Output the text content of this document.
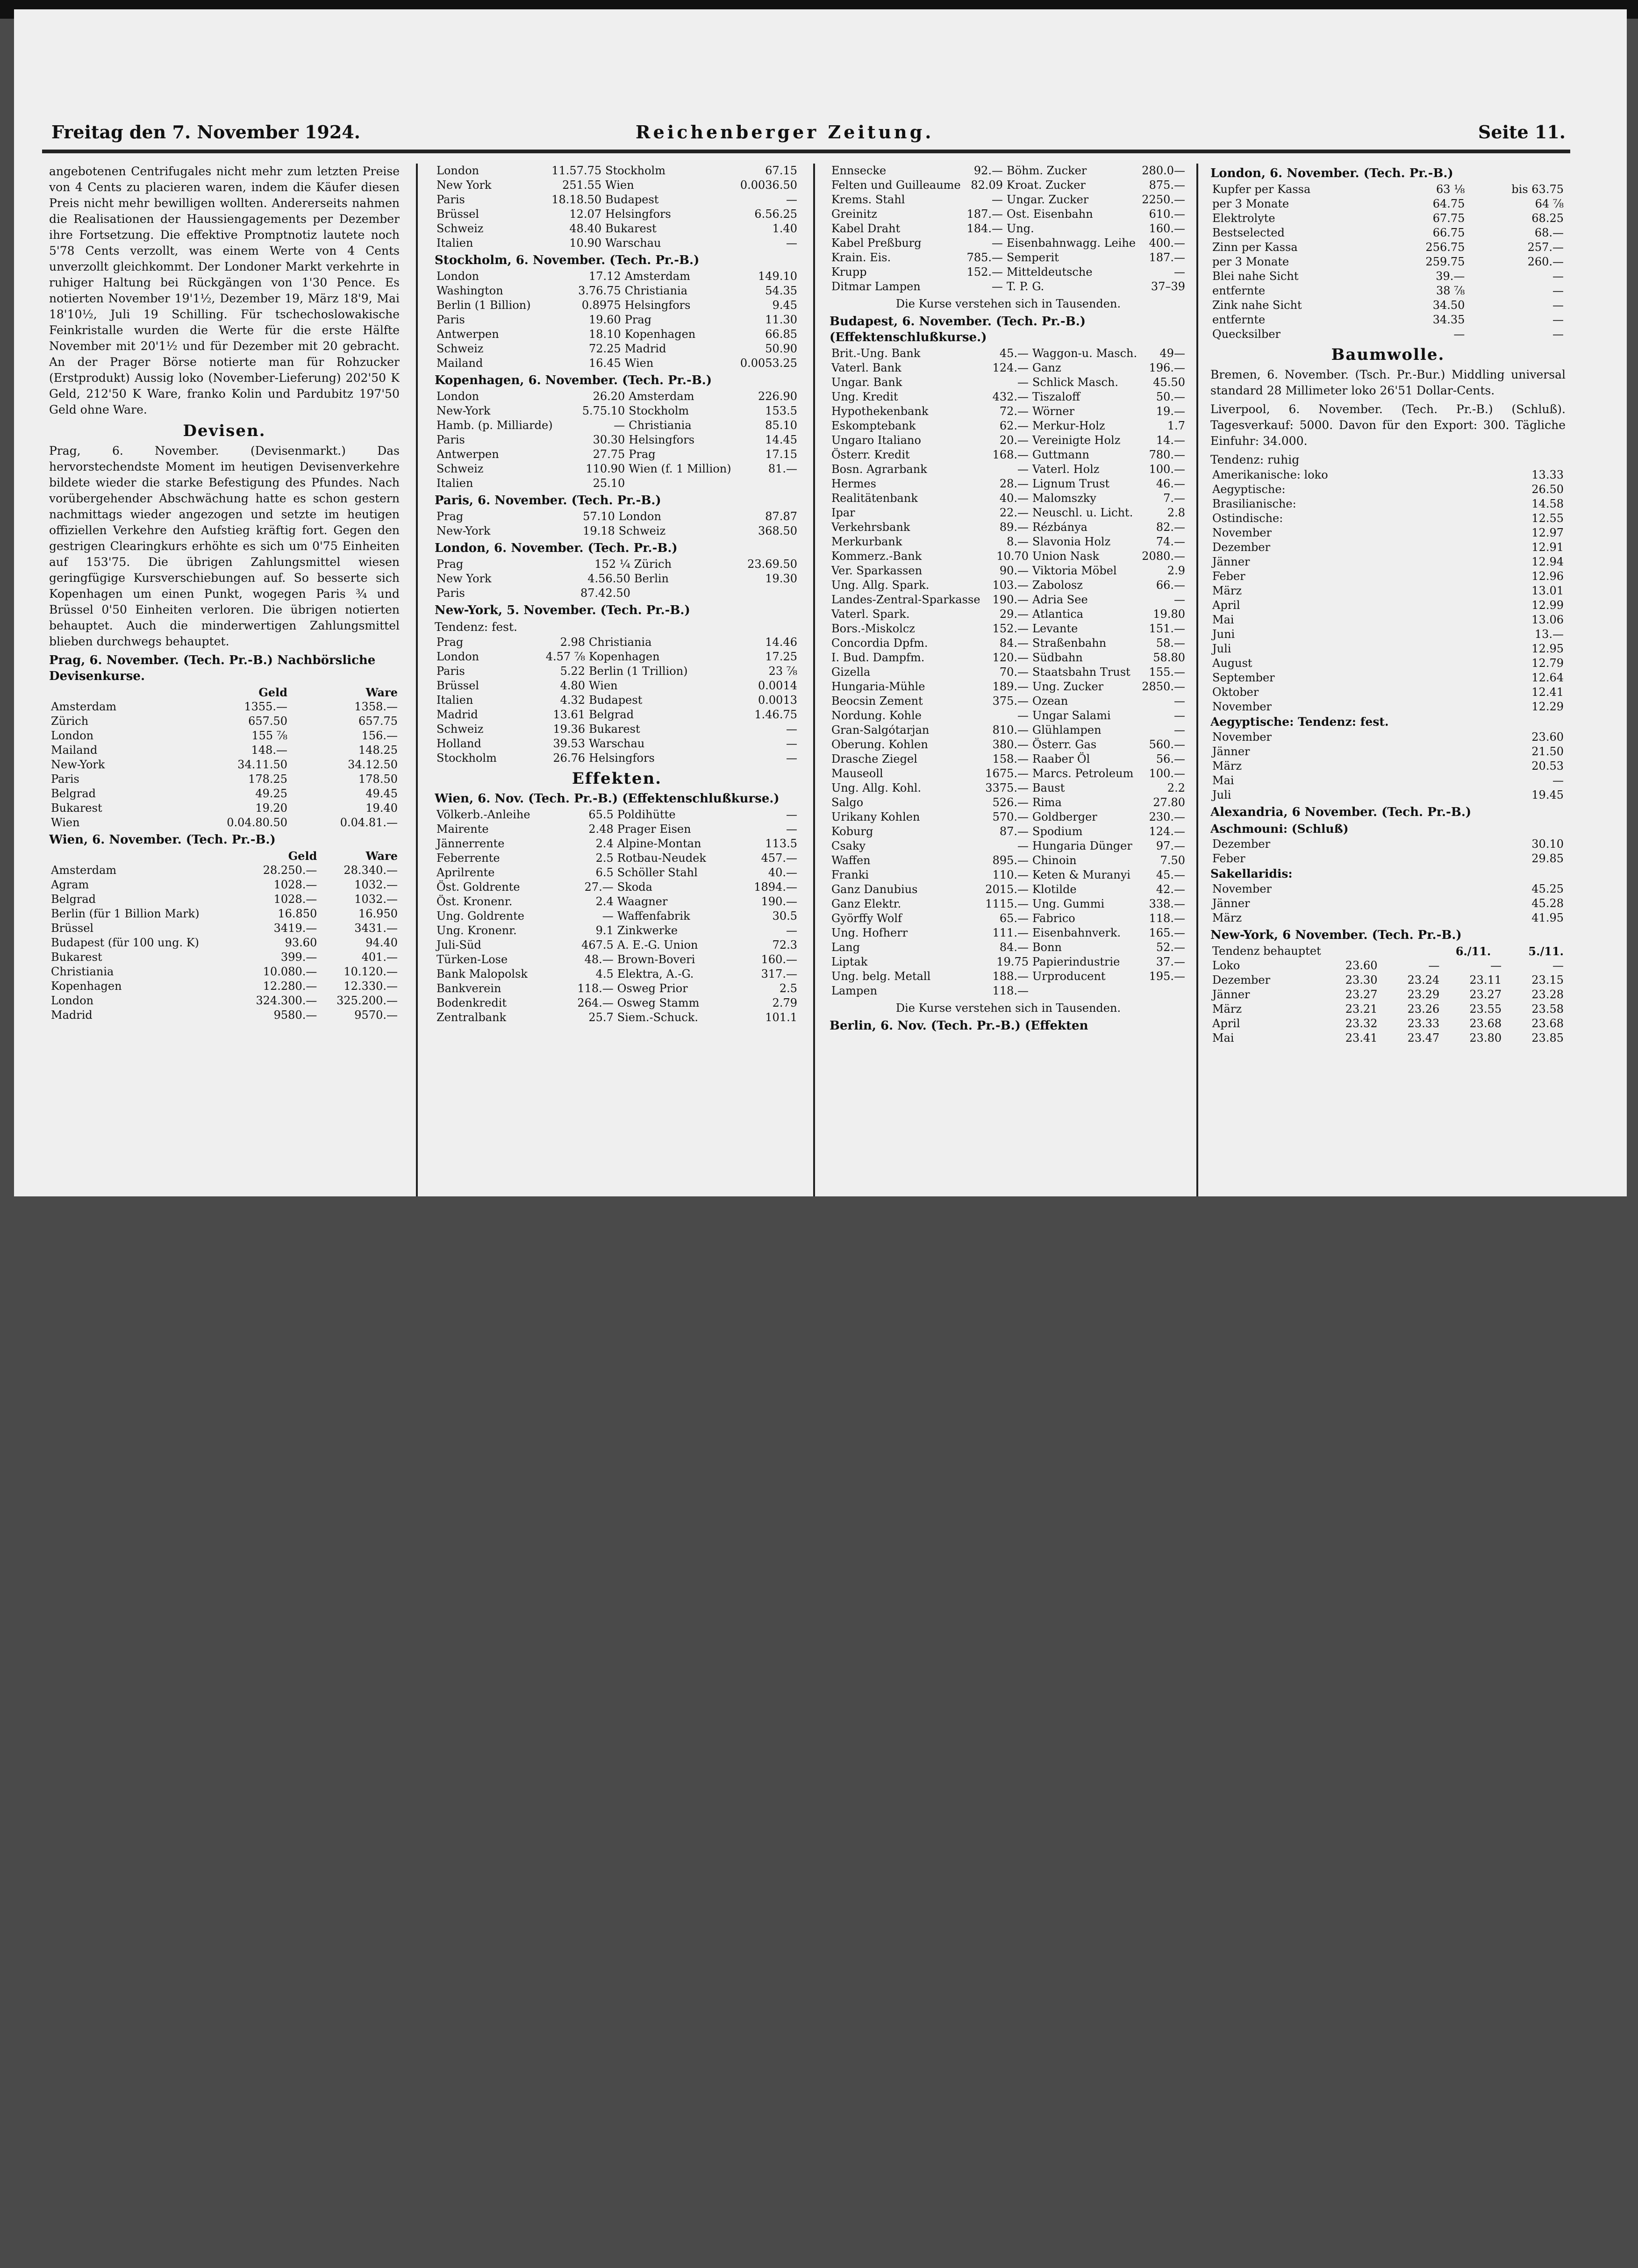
Freitag den 7. November 1924.	Reichenberger Zeitung.	Seite 11.

angebotenen Centrifugales nicht mehr zum letzten Preise von 4 Cents zu placieren waren, indem die Käufer diesen Preis nicht mehr bewilligen wollten. Andererseits nahmen die Realisationen der Haussiengagements per Dezember ihre Fortsetzung. Die effektive Promptnotiz lautete noch 5'78 Cents verzollt, was einem Werte von 4 Cents unverzollt gleichkommt. Der Londoner Markt verkehrte in ruhiger Haltung bei Rückgängen von 1'30 Pence. Es notierten November 19'1½, Dezember 19, März 18'9, Mai 18'10½, Juli 19 Schilling. Für tschechoslowakische Feinkristalle wurden die Werte für die erste Hälfte November mit 20'1½ und für Dezember mit 20 gebracht. An der Prager Börse notierte man für Rohzucker (Erstprodukt) Aussig loko (November-Lieferung) 202'50 K Geld, 212'50 K Ware, franko Kolin und Pardubitz 197'50 Geld ohne Ware.

Devisen.

Prag, 6. November. (Devisenmarkt.) Das hervorstechendste Moment im heutigen Devisenverkehre bildete wieder die starke Befestigung des Pfundes. Nach vorübergehender Abschwächung hatte es schon gestern nachmittags wieder angezogen und setzte im heutigen offiziellen Verkehre den Aufstieg kräftig fort. Gegen den gestrigen Clearingkurs erhöhte es sich um 0'75 Einheiten auf 153'75. Die übrigen Zahlungsmittel wiesen geringfügige Kursverschiebungen auf. So besserte sich Kopenhagen um einen Punkt, wogegen Paris ¾ und Brüssel 0'50 Einheiten verloren. Die übrigen notierten behauptet. Auch die minderwertigen Zahlungsmittel blieben durchwegs behauptet.

Prag, 6. November. (Tech. Pr.-B.) Nachbörsliche Devisenkurse.
	Geld	Ware
Amsterdam	1355.—	1358.—
Zürich	657.50	657.75
London	155 ⅞	156.—
Mailand	148.—	148.25
New-York	34.11.50	34.12.50
Paris	178.25	178.50
Belgrad	49.25	49.45
Bukarest	19.20	19.40
Wien	0.04.80.50	0.04.81.—
Wien, 6. November. (Tech. Pr.-B.)
	Geld	Ware
Amsterdam	28.250.—	28.340.—
Agram	1028.—	1032.—
Belgrad	1028.—	1032.—
Berlin (für 1 Billion Mark)	16.850	16.950
Brüssel	3419.—	3431.—
Budapest (für 100 ung. K)	93.60	94.40
Bukarest	399.—	401.—
Christiania	10.080.—	10.120.—
Kopenhagen	12.280.—	12.330.—
London	324.300.—	325.200.—
Madrid	9580.—	9570.—
London	11.57.75	Stockholm	67.15
New York	251.55	Wien	0.0036.50
Paris	18.18.50	Budapest	—
Brüssel	12.07	Helsingfors	6.56.25
Schweiz	48.40	Bukarest	1.40
Italien	10.90	Warschau	—
Stockholm, 6. November. (Tech. Pr.-B.)
London	17.12	Amsterdam	149.10
Washington	3.76.75	Christiania	54.35
Berlin (1 Billion)	0.8975	Helsingfors	9.45
Paris	19.60	Prag	11.30
Antwerpen	18.10	Kopenhagen	66.85
Schweiz	72.25	Madrid	50.90
Mailand	16.45	Wien	0.0053.25
Kopenhagen, 6. November. (Tech. Pr.-B.)
London	26.20	Amsterdam	226.90
New-York	5.75.10	Stockholm	153.5
Hamb. (p. Milliarde)	—	Christiania	85.10
Paris	30.30	Helsingfors	14.45
Antwerpen	27.75	Prag	17.15
Schweiz	110.90	Wien (f. 1 Million)	81.—
Italien	25.10		
Paris, 6. November. (Tech. Pr.-B.)
Prag	57.10	London	87.87
New-York	19.18	Schweiz	368.50
London, 6. November. (Tech. Pr.-B.)
Prag	152 ¼	Zürich	23.69.50
New York	4.56.50	Berlin	19.30
Paris	87.42.50		
New-York, 5. November. (Tech. Pr.-B.)
Tendenz: fest.
Prag	2.98	Christiania	14.46
London	4.57 ⅞	Kopenhagen	17.25
Paris	5.22	Berlin (1 Trillion)	23 ⅞
Brüssel	4.80	Wien	0.0014
Italien	4.32	Budapest	0.0013
Madrid	13.61	Belgrad	1.46.75
Schweiz	19.36	Bukarest	—
Holland	39.53	Warschau	—
Stockholm	26.76	Helsingfors	—
Effekten.
Wien, 6. Nov. (Tech. Pr.-B.) (Effektenschlußkurse.)
Völkerb.-Anleihe	65.5	Poldihütte	—
Mairente	2.48	Prager Eisen	—
Jännerrente	2.4	Alpine-Montan	113.5
Feberrente	2.5	Rotbau-Neudek	457.—
Aprilrente	6.5	Schöller Stahl	40.—
Öst. Goldrente	27.—	Skoda	1894.—
Öst. Kronenr.	2.4	Waagner	190.—
Ung. Goldrente	—	Waffenfabrik	30.5
Ung. Kronenr.	9.1	Zinkwerke	—
Juli-Süd	467.5	A. E.-G. Union	72.3
Türken-Lose	48.—	Brown-Boveri	160.—
Bank Malopolsk	4.5	Elektra, A.-G.	317.—
Bankverein	118.—	Osweg Prior	2.5
Bodenkredit	264.—	Osweg Stamm	2.79
Zentralbank	25.7	Siem.-Schuck.	101.1
Ennsecke	92.—	Böhm. Zucker	280.0—
Felten und Guilleaume	82.09	Kroat. Zucker	875.—
Krems. Stahl	—	Ungar. Zucker	2250.—
Greinitz	187.—	Ost. Eisenbahn	610.—
Kabel Draht	184.—	Ung.	160.—
Kabel Preßburg	—	Eisenbahnwagg. Leihe	400.—
Krain. Eis.	785.—	Semperit	187.—
Krupp	152.—	Mitteldeutsche	—
Ditmar Lampen	—	T. P. G.	37–39
Die Kurse verstehen sich in Tausenden.
Budapest, 6. November. (Tech. Pr.-B.) (Effektenschlußkurse.)
Brit.-Ung. Bank	45.—	Waggon-u. Masch.	49—
Vaterl. Bank	124.—	Ganz	196.—
Ungar. Bank	—	Schlick Masch.	45.50
Ung. Kredit	432.—	Tiszaloff	50.—
Hypothekenbank	72.—	Wörner	19.—
Eskomptebank	62.—	Merkur-Holz	1.7
Ungaro Italiano	20.—	Vereinigte Holz	14.—
Österr. Kredit	168.—	Guttmann	780.—
Bosn. Agrarbank	—	Vaterl. Holz	100.—
Hermes	28.—	Lignum Trust	46.—
Realitätenbank	40.—	Malomszky	7.—
Ipar	22.—	Neuschl. u. Licht.	2.8
Verkehrsbank	89.—	Rézbánya	82.—
Merkurbank	8.—	Slavonia Holz	74.—
Kommerz.-Bank	10.70	Union Nask	2080.—
Ver. Sparkassen	90.—	Viktoria Möbel	2.9
Ung. Allg. Spark.	103.—	Zabolosz	66.—
Landes-Zentral-Sparkasse	190.—	Adria See	—
Vaterl. Spark.	29.—	Atlantica	19.80
Bors.-Miskolcz	152.—	Levante	151.—
Concordia Dpfm.	84.—	Straßenbahn	58.—
I. Bud. Dampfm.	120.—	Südbahn	58.80
Gizella	70.—	Staatsbahn Trust	155.—
Hungaria-Mühle	189.—	Ung. Zucker	2850.—
Beocsin Zement	375.—	Ozean	—
Nordung. Kohle	—	Ungar Salami	—
Gran-Salgótarjan	810.—	Glühlampen	—
Oberung. Kohlen	380.—	Österr. Gas	560.—
Drasche Ziegel	158.—	Raaber Öl	56.—
Mauseoll	1675.—	Marcs. Petroleum	100.—
Ung. Allg. Kohl.	3375.—	Baust	2.2
Salgo	526.—	Rima	27.80
Urikany Kohlen	570.—	Goldberger	230.—
Koburg	87.—	Spodium	124.—
Csaky	—	Hungaria Dünger	97.—
Waffen	895.—	Chinoin	7.50
Franki	110.—	Keten & Muranyi	45.—
Ganz Danubius	2015.—	Klotilde	42.—
Ganz Elektr.	1115.—	Ung. Gummi	338.—
Györffy Wolf	65.—	Fabrico	118.—
Ung. Hofherr	111.—	Eisenbahnverk.	165.—
Lang	84.—	Bonn	52.—
Liptak	19.75	Papierindustrie	37.—
Ung. belg. Metall	188.—	Urproducent	195.—
Lampen	118.—		
Die Kurse verstehen sich in Tausenden.
Berlin, 6. Nov. (Tech. Pr.-B.) (Effekten
London, 6. November. (Tech. Pr.-B.)
Kupfer per Kassa	63 ⅛	bis 63.75
per 3 Monate	64.75	64 ⅞
Elektrolyte	67.75	68.25
Bestselected	66.75	68.—
Zinn per Kassa	256.75	257.—
per 3 Monate	259.75	260.—
Blei nahe Sicht	39.—	—
entfernte	38 ⅞	—
Zink nahe Sicht	34.50	—
entfernte	34.35	—
Quecksilber	—	—
Baumwolle.

Bremen, 6. November. (Tsch. Pr.-Bur.) Middling universal standard 28 Millimeter loko 26'51 Dollar-Cents.

Liverpool, 6. November. (Tech. Pr.-B.) (Schluß). Tagesverkauf: 5000. Davon für den Export: 300. Tägliche Einfuhr: 34.000.

Tendenz: ruhig
Amerikanische: loko	13.33
Aegyptische:	26.50
Brasilianische:	14.58
Ostindische:	12.55
November	12.97
Dezember	12.91
Jänner	12.94
Feber	12.96
März	13.01
April	12.99
Mai	13.06
Juni	13.—
Juli	12.95
August	12.79
September	12.64
Oktober	12.41
November	12.29
Aegyptische: Tendenz: fest.
November	23.60
Jänner	21.50
März	20.53
Mai	—
Juli	19.45
Alexandria, 6 November. (Tech. Pr.-B.)
Aschmouni: (Schluß)
Dezember	30.10
Feber	29.85
Sakellaridis:
November	45.25
Jänner	45.28
März	41.95
New-York, 6 November. (Tech. Pr.-B.)
Tendenz behauptet	6./11.	5./11.
Loko	23.60	—	—	—
Dezember	23.30	23.24	23.11	23.15
Jänner	23.27	23.29	23.27	23.28
März	23.21	23.26	23.55	23.58
April	23.32	23.33	23.68	23.68
Mai	23.41	23.47	23.80	23.85
